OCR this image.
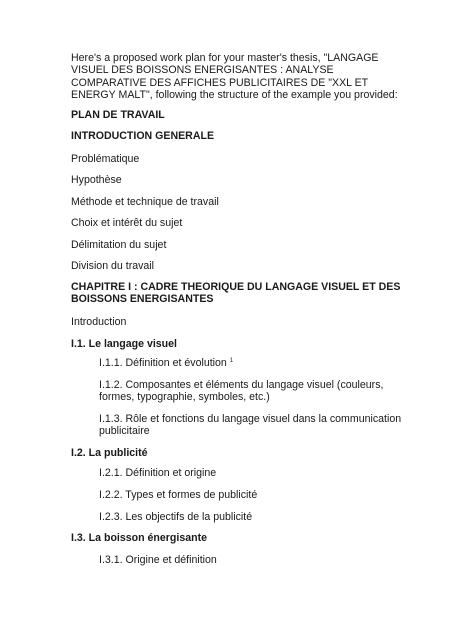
Here's a proposed work plan for your master's thesis, "LANGAGE VISUEL DES BOISSONS ENERGISANTES : ANALYSE COMPARATIVE DES AFFICHES PUBLICITAIRES DE "XXL ET ENERGY MALT", following the structure of the example you provided:

PLAN DE TRAVAIL

INTRODUCTION GENERALE

Problématique

Hypothèse

Méthode et technique de travail

Choix et intérêt du sujet

Délimitation du sujet

Division du travail

CHAPITRE I : CADRE THEORIQUE DU LANGAGE VISUEL ET DES BOISSONS ENERGISANTES

Introduction

I.1. Le langage visuel

I.1.1. Définition et évolution $^1$

I.1.2. Composantes et éléments du langage visuel (couleurs, formes, typographie, symboles, etc.)

I.1.3. Rôle et fonctions du langage visuel dans la communication publicitaire

I.2. La publicité

I.2.1. Définition et origine

I.2.2. Types et formes de publicité

I.2.3. Les objectifs de la publicité

I.3. La boisson énergisante

I.3.1. Origine et définition
